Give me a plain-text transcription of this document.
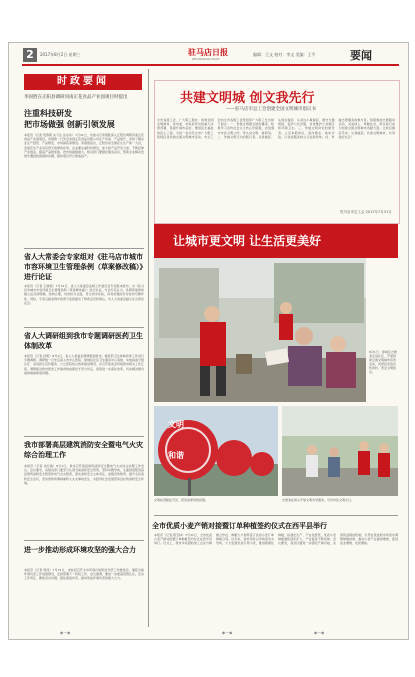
2	2017年8月2日 星期三	驻马店日报
ZHUMADIAN DAILY
编辑：王文 校对：李文 美编：王平	要闻
时政要闻
李国胜在正阳县调研河南正花食品产业园项目时提出
注重科技研发
把市场做强 创新引领发展
本报讯（记者 贺黎明 实习生 张东东）7月31日，市委书记李国胜深入正阳县调研河南正花食品产业园项目。李国胜一行先后来到正花食品有限公司生产车间、产品展厅，详细了解企业生产经营、产品研发、市场销售等情况。李国胜指出，正阳县是全国花生生产第一大县，发展花生产业具有得天独厚的优势。企业要注重科技研发，加大新产品开发力度，不断延伸产业链条，提高产品附加值，把市场做强做大。相关部门要强化服务意识，帮助企业解决发展中遇到的困难和问题，推动项目早日建成投产。
省人大常委会专家组对《驻马店市城市市容环境卫生管理条例（草案修改稿）》进行论证
本报讯（记者 王晓娟）7月31日，省人大常委会法制工作委员会专家组来我市，对《驻马店市城市市容环境卫生管理条例（草案修改稿）》进行论证。与会专家认为，条例草案修改稿立法目的明确，结构合理，内容较为全面，符合我市实际，具有较强的针对性和可操作性。同时，专家们就条例中的部分条款提出了修改意见和建议。市人大常委会副主任出席论证会。
省人大调研组到我市专题调研医药卫生体制改革
本报讯（记者 孙明）8月1日，省人大常委会调研组到我市，就医药卫生体制改革工作进行专题调研。调研组一行先后深入市中心医院、驿城区社区卫生服务中心等地，实地查看分级诊疗、家庭医生签约服务、公立医院综合改革推进情况，并召开座谈会听取我市相关工作汇报。调研组对我市医改工作取得的成绩给予充分肯定，希望进一步深化改革，切实解决群众看病难看病贵问题。
我市部署高层建筑消防安全暨电气火灾综合治理工作
本报讯（记者 刘红敏）8月1日，我市召开高层建筑消防安全暨电气火灾综合治理工作会议。会议要求，各级各部门要充分认清当前消防安全形势，坚持问题导向，全面排查整治高层建筑消防安全隐患和电气火灾隐患，落实消防安全主体责任，加强宣传教育，提升全民消防安全意识，坚决预防和遏制重特大火灾事故发生，为经济社会发展营造良好的消防安全环境。
进一步推动形成环境攻坚的强大合力
本报讯（记者 周涛）7月31日，市政府召开全市环境污染防治攻坚工作推进会，通报当前环境攻坚工作进展情况，安排部署下一阶段工作。会议强调，要进一步提高思想认识，压实工作责任，聚焦突出问题，强化督查问责，推动形成环境攻坚的强大合力。
共建文明城 创文我先行
——驻马店市总工会创建全国文明城市倡议书
全市各级工会、广大职工朋友：创建全国文明城市，是市委、市政府作出的重大决策部署，是提升城市品位、增进民生福祉的民心工程。为进一步动员全市广大职工积极投身创建全国文明城市活动，市总工会向全市各级工会组织和广大职工发出如下倡议：一、争做文明理念的传播者。积极学习宣传社会主义核心价值观，自觉遵守市民文明公约，带头讲文明、树新风。二、争做文明行为的践行者。从我做起、从现在做起、从身边小事做起，遵守交通规则，爱护公共设施，自觉维护公共秩序和环境卫生。三、争做文明岗位的建设者。立足本职岗位，爱岗敬业、诚实守信，以优质服务树立行业新形象。四、争做志愿服务的参与者。积极参加志愿服务活动，关爱他人、奉献社会，用实际行动为创建全国文明城市贡献力量。让我们携起手来，从我做起，共建文明城市，共享美好生活！
驻马店市总工会 2017年7月31日
让城市更文明 让生活更美好
8月1日，驿城区志愿者走进社区，开展创建全国文明城市宣传活动，向居民发放宣传资料，普及文明知识。
文明
和谐
文明标语随处可见，营造浓厚创建氛围。	志愿者在街头开展文明劝导服务，引导市民文明出行。
全市优质小麦产销对接暨订单种植签约仪式在西平县举行
本报讯（记者 陈宝林）7月31日，全市优质小麦产销对接暨订单种植签约仪式在西平县举行。仪式上，我市多家面粉加工企业与种植合作社、种粮大户现场签订优质小麦订单种植合同。近年来，我市坚持以市场需求为导向，大力发展优质专用小麦，推进规模化种植、标准化生产、产业化经营，优质小麦种植面积逐年扩大，产业链条不断延伸。会议要求，各县区要进一步强化产销对接，完善利益联结机制，引导农民按照市场需求调整种植结构，推动小麦产业提质增效，促进农业增效、农民增收。
◆—◆	◆—◆	◆—◆
